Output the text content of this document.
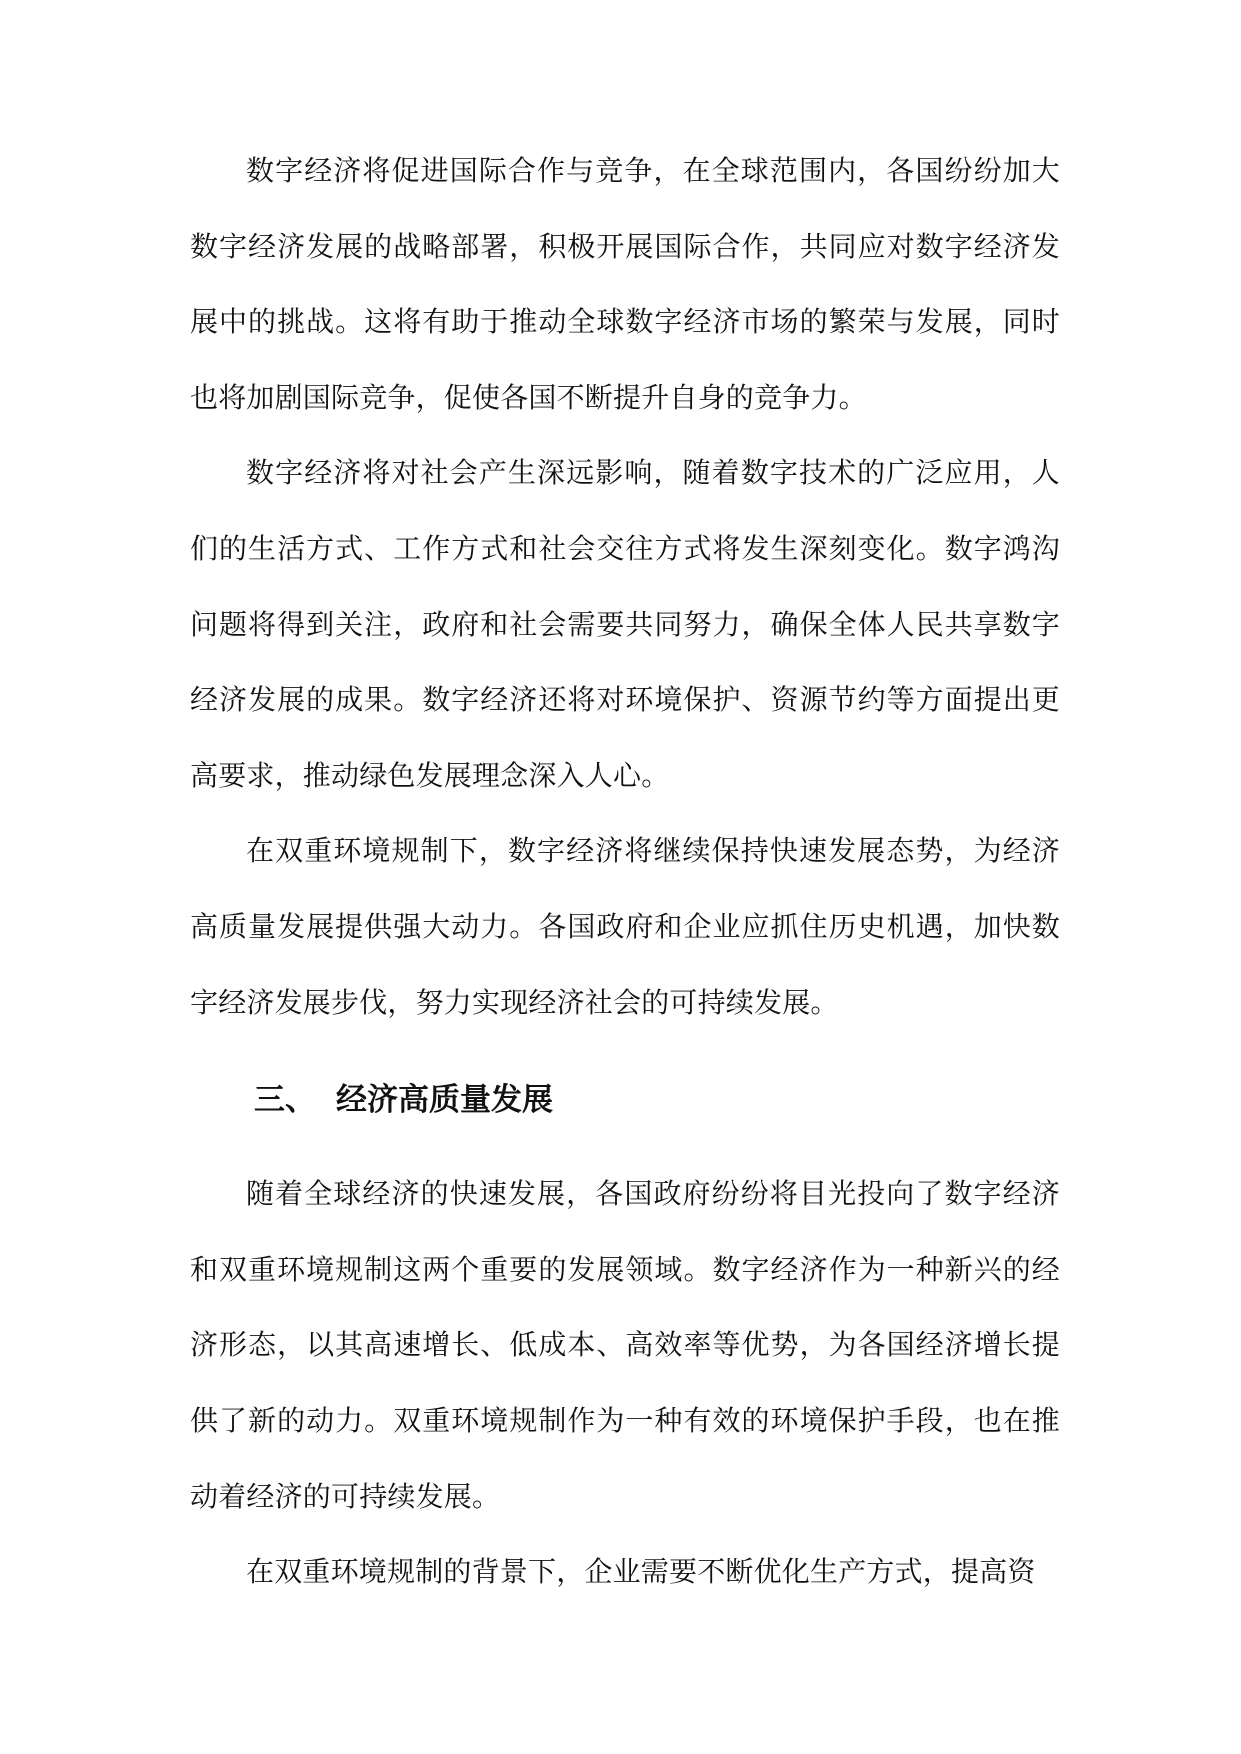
数字经济将促进国际合作与竞争，在全球范围内，各国纷纷加大数字经济发展的战略部署，积极开展国际合作，共同应对数字经济发展中的挑战。这将有助于推动全球数字经济市场的繁荣与发展，同时也将加剧国际竞争，促使各国不断提升自身的竞争力。

数字经济将对社会产生深远影响，随着数字技术的广泛应用，人们的生活方式、工作方式和社会交往方式将发生深刻变化。数字鸿沟问题将得到关注，政府和社会需要共同努力，确保全体人民共享数字经济发展的成果。数字经济还将对环境保护、资源节约等方面提出更高要求，推动绿色发展理念深入人心。

在双重环境规制下，数字经济将继续保持快速发展态势，为经济高质量发展提供强大动力。各国政府和企业应抓住历史机遇，加快数字经济发展步伐，努力实现经济社会的可持续发展。

三、 经济高质量发展

随着全球经济的快速发展，各国政府纷纷将目光投向了数字经济和双重环境规制这两个重要的发展领域。数字经济作为一种新兴的经济形态，以其高速增长、低成本、高效率等优势，为各国经济增长提供了新的动力。双重环境规制作为一种有效的环境保护手段，也在推动着经济的可持续发展。

在双重环境规制的背景下，企业需要不断优化生产方式，提高资
